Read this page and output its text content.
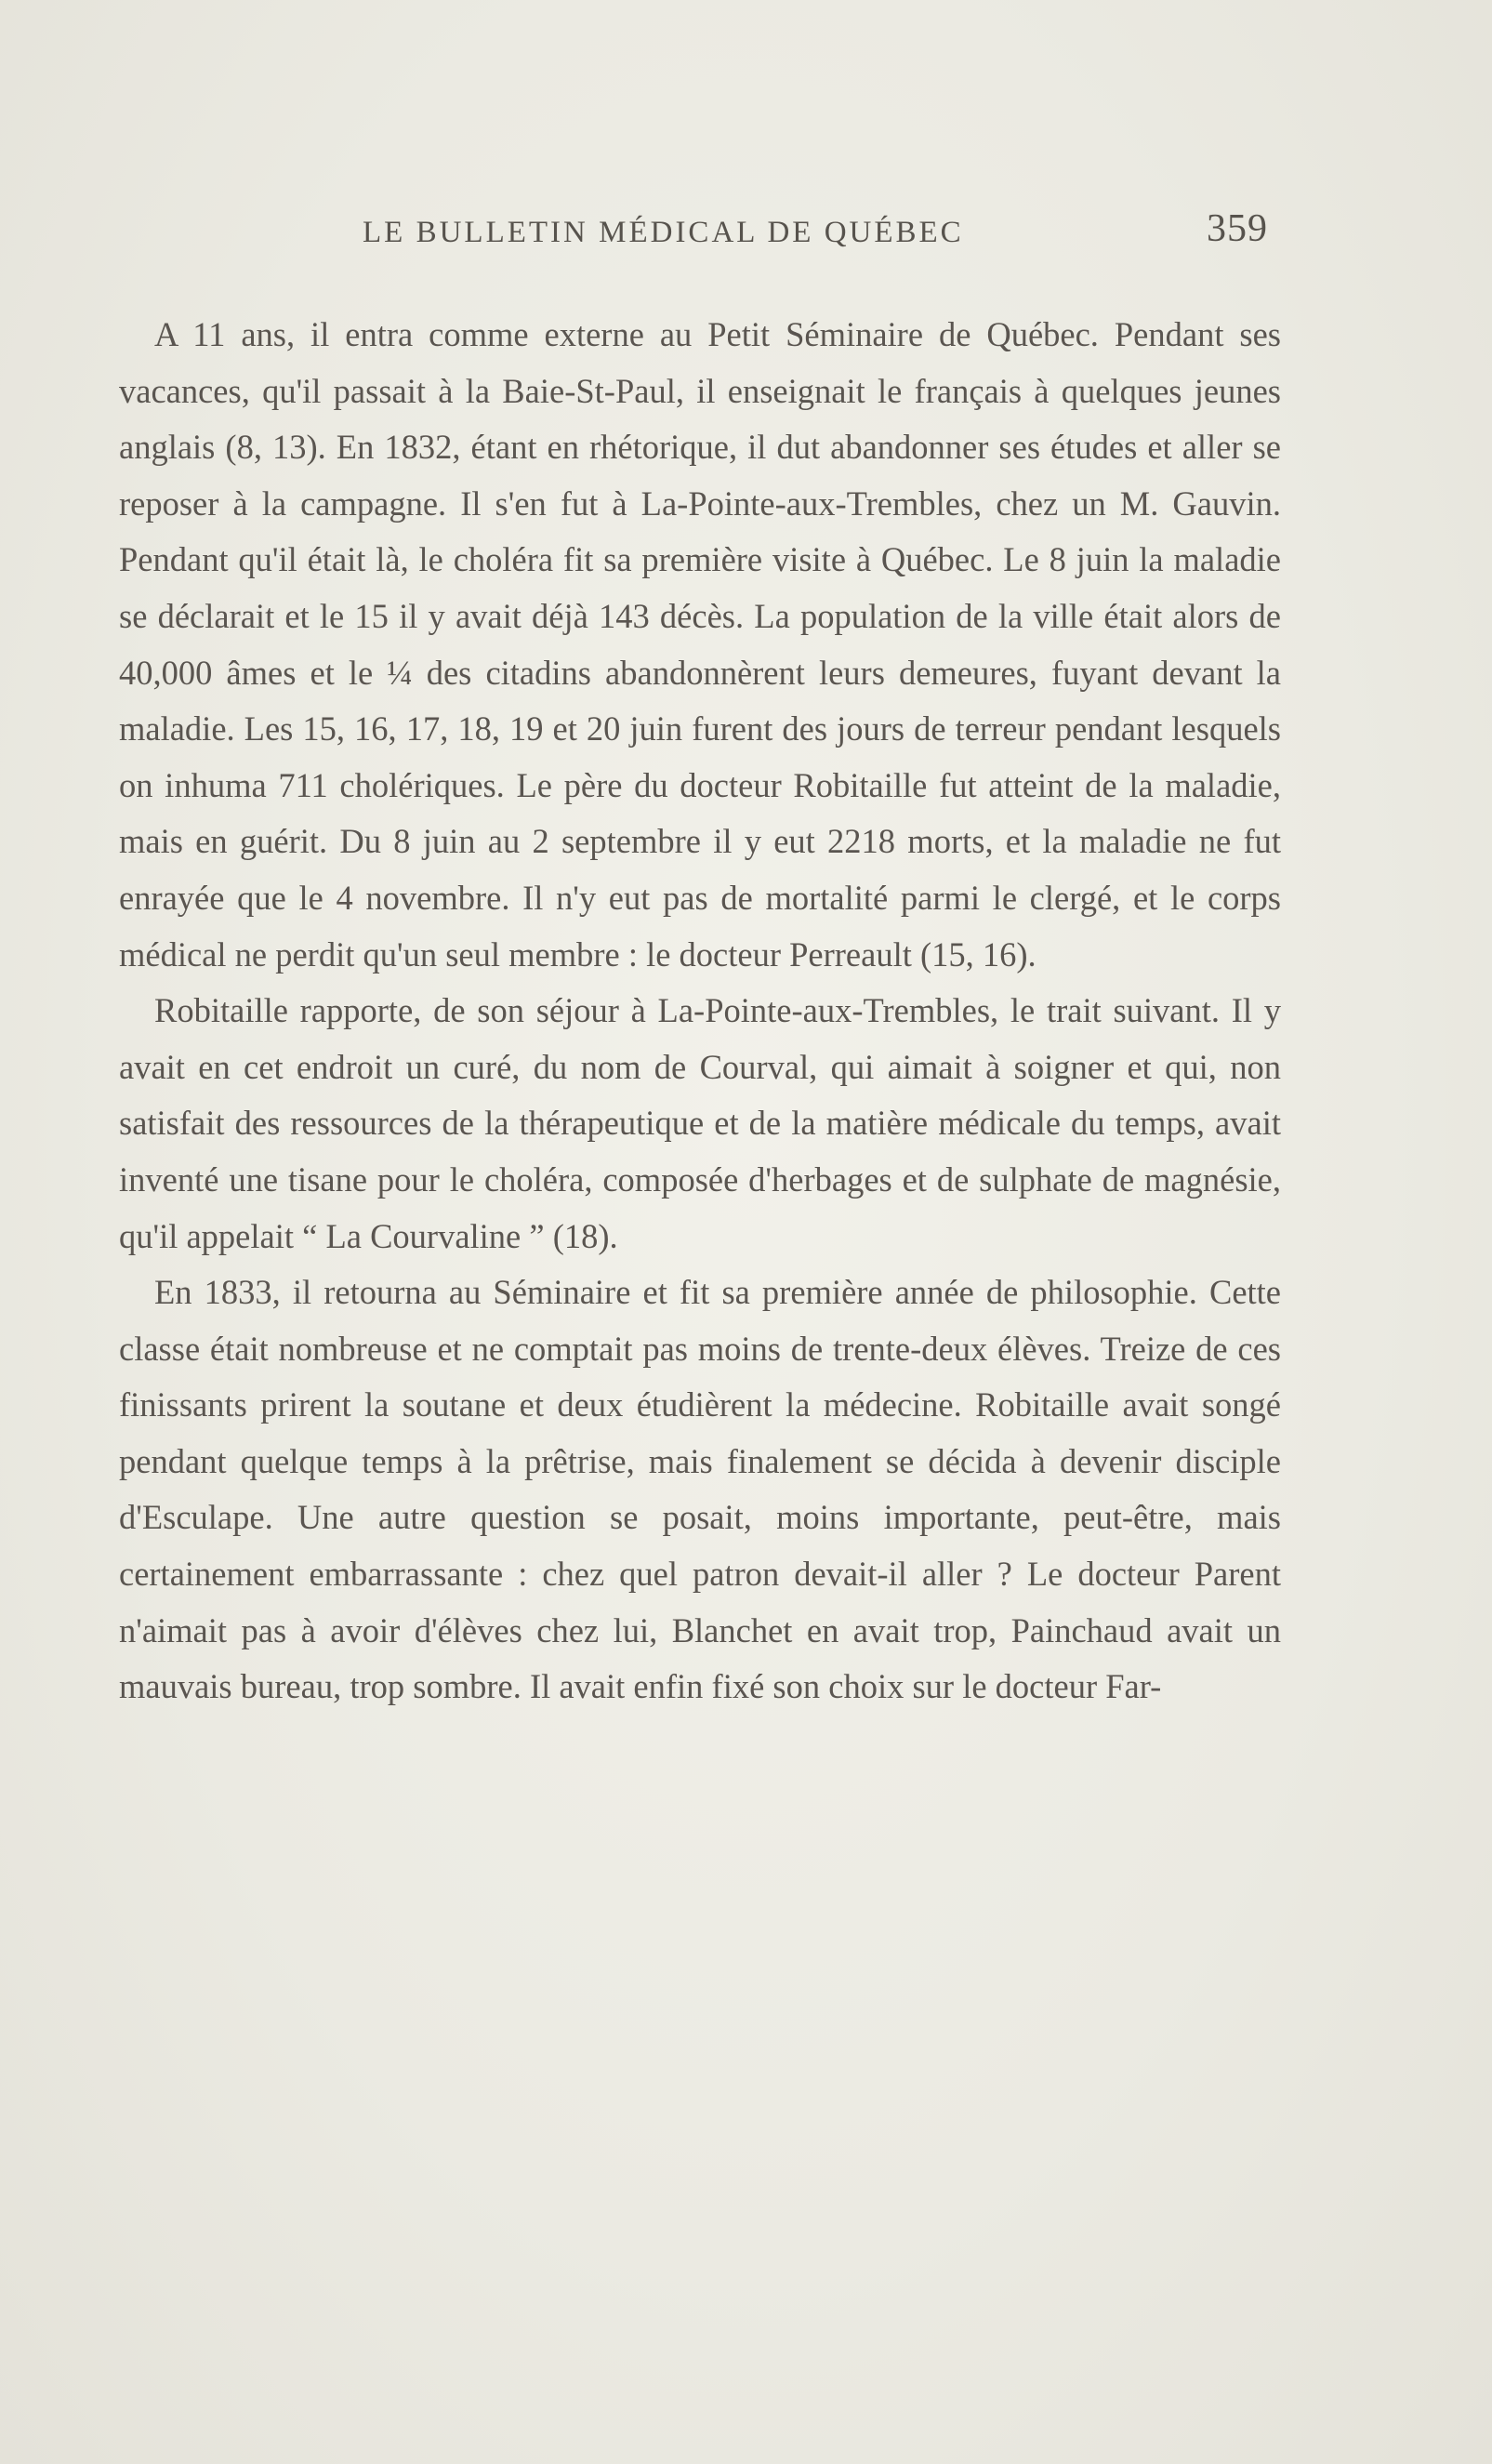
LE BULLETIN MÉDICAL DE QUÉBEC	359

A 11 ans, il entra comme externe au Petit Séminaire de Québec. Pendant ses vacances, qu'il passait à la Baie-St-Paul, il enseignait le français à quelques jeunes anglais (8, 13). En 1832, étant en rhétorique, il dut abandonner ses études et aller se reposer à la campagne. Il s'en fut à La-Pointe-aux-Trembles, chez un M. Gauvin. Pendant qu'il était là, le choléra fit sa première visite à Québec. Le 8 juin la maladie se déclarait et le 15 il y avait déjà 143 décès. La population de la ville était alors de 40,000 âmes et le ¼ des citadins abandonnèrent leurs demeures, fuyant devant la maladie. Les 15, 16, 17, 18, 19 et 20 juin furent des jours de terreur pendant lesquels on inhuma 711 cholériques. Le père du docteur Robitaille fut atteint de la maladie, mais en guérit. Du 8 juin au 2 septembre il y eut 2218 morts, et la maladie ne fut enrayée que le 4 novembre. Il n'y eut pas de mortalité parmi le clergé, et le corps médical ne perdit qu'un seul membre : le docteur Perreault (15, 16).

Robitaille rapporte, de son séjour à La-Pointe-aux-Trembles, le trait suivant. Il y avait en cet endroit un curé, du nom de Courval, qui aimait à soigner et qui, non satisfait des ressources de la thérapeutique et de la matière médicale du temps, avait inventé une tisane pour le choléra, composée d'herbages et de sulphate de magnésie, qu'il appelait “ La Courvaline ” (18).

En 1833, il retourna au Séminaire et fit sa première année de philosophie. Cette classe était nombreuse et ne comptait pas moins de trente-deux élèves. Treize de ces finissants prirent la soutane et deux étudièrent la médecine. Robitaille avait songé pendant quelque temps à la prêtrise, mais finalement se décida à devenir disciple d'Esculape. Une autre question se posait, moins importante, peut-être, mais certainement embarrassante : chez quel patron devait-il aller ? Le docteur Parent n'aimait pas à avoir d'élèves chez lui, Blanchet en avait trop, Painchaud avait un mauvais bureau, trop sombre. Il avait enfin fixé son choix sur le docteur Far-
